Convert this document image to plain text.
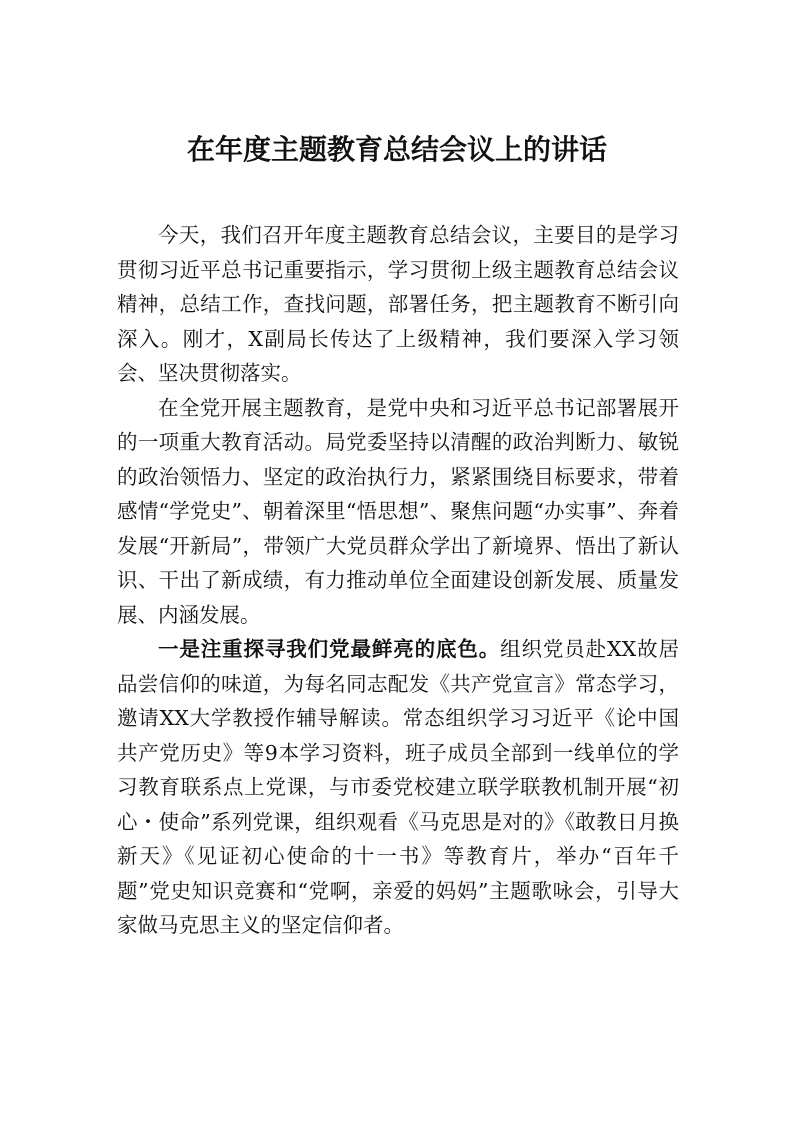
在年度主题教育总结会议上的讲话

今天，我们召开年度主题教育总结会议，主要目的是学习贯彻习近平总书记重要指示，学习贯彻上级主题教育总结会议精神，总结工作，查找问题，部署任务，把主题教育不断引向深入。刚才，X副局长传达了上级精神，我们要深入学习领会、坚决贯彻落实。

在全党开展主题教育，是党中央和习近平总书记部署展开的一项重大教育活动。局党委坚持以清醒的政治判断力、敏锐的政治领悟力、坚定的政治执行力，紧紧围绕目标要求，带着感情“学党史”、朝着深里“悟思想”、聚焦问题“办实事”、奔着发展“开新局”，带领广大党员群众学出了新境界、悟出了新认识、干出了新成绩，有力推动单位全面建设创新发展、质量发展、内涵发展。

一是注重探寻我们党最鲜亮的底色。组织党员赴XX故居品尝信仰的味道，为每名同志配发《共产党宣言》常态学习，邀请XX大学教授作辅导解读。常态组织学习习近平《论中国共产党历史》等9本学习资料，班子成员全部到一线单位的学习教育联系点上党课，与市委党校建立联学联教机制开展“初心・使命”系列党课，组织观看《马克思是对的》《敢教日月换新天》《见证初心使命的十一书》等教育片，举办“百年千题”党史知识竞赛和“党啊，亲爱的妈妈”主题歌咏会，引导大家做马克思主义的坚定信仰者。
